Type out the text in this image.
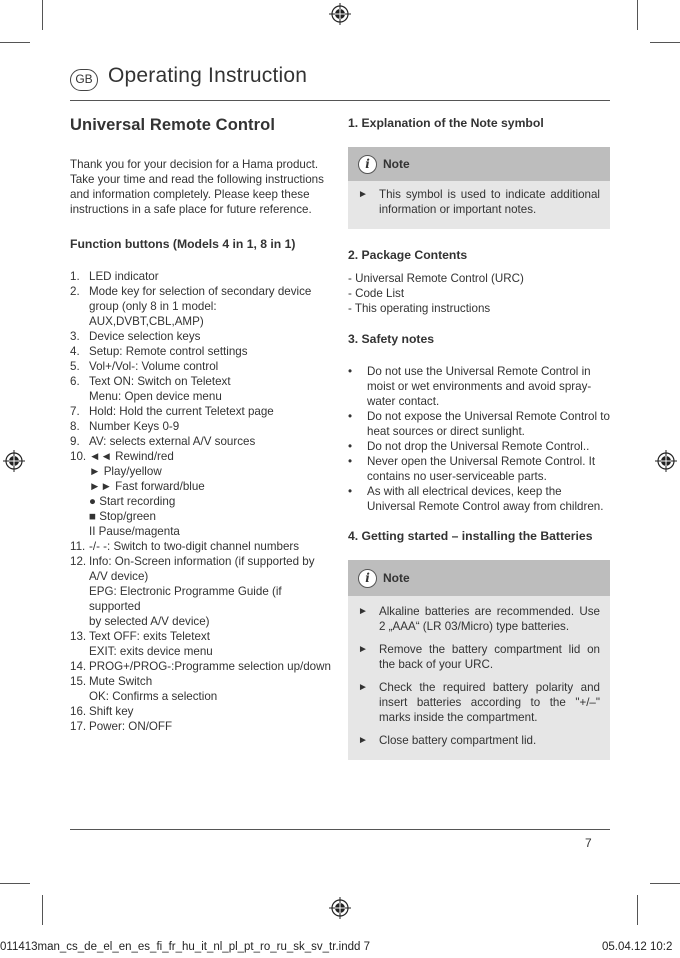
GB Operating Instruction
Universal Remote Control

Thank you for your decision for a Hama product. Take your time and read the following instructions and information completely. Please keep these instructions in a safe place for future reference.

Function buttons (Models 4 in 1, 8 in 1)
1. LED indicator
2. Mode key for selection of secondary device
group (only 8 in 1 model: AUX,DVBT,CBL,AMP)
3. Device selection keys
4. Setup: Remote control settings
5. Vol+/Vol-: Volume control
6. Text ON: Switch on Teletext
Menu: Open device menu
7. Hold: Hold the current Teletext page
8. Number Keys 0-9
9. AV: selects external A/V sources
10. ◄◄ Rewind/red
► Play/yellow
►► Fast forward/blue
● Start recording
■ Stop/green
II Pause/magenta
11. -/- -: Switch to two-digit channel numbers
12. Info: On-Screen information (if supported by
A/V device)
EPG: Electronic Programme Guide (if supported
by selected A/V device)
13. Text OFF: exits Teletext
EXIT: exits device menu
14. PROG+/PROG-:Programme selection up/down
15. Mute Switch
OK: Confirms a selection
16. Shift key
17. Power: ON/OFF
1. Explanation of the Note symbol
i	Note
► This symbol is used to indicate additional information or important notes.
2. Package Contents
- Universal Remote Control (URC)
- Code List
- This operating instructions
3. Safety notes
•	Do not use the Universal Remote Control in moist or wet environments and avoid spray-water contact.
•	Do not expose the Universal Remote Control to heat sources or direct sunlight.
•	Do not drop the Universal Remote Control..
•	Never open the Universal Remote Control. It contains no user-serviceable parts.
•	As with all electrical devices, keep the Universal Remote Control away from children.
4. Getting started – installing the Batteries
i	Note
► Alkaline batteries are recommended. Use 2 „AAA“ (LR 03/Micro) type batteries.
► Remove the battery compartment lid on the back of your URC.
► Check the required battery polarity and insert batteries according to the "+/–" marks inside the compartment.
► Close battery compartment lid.
7
011413man_cs_de_el_en_es_fi_fr_hu_it_nl_pl_pt_ro_ru_sk_sv_tr.indd 7	05.04.12 10:2
